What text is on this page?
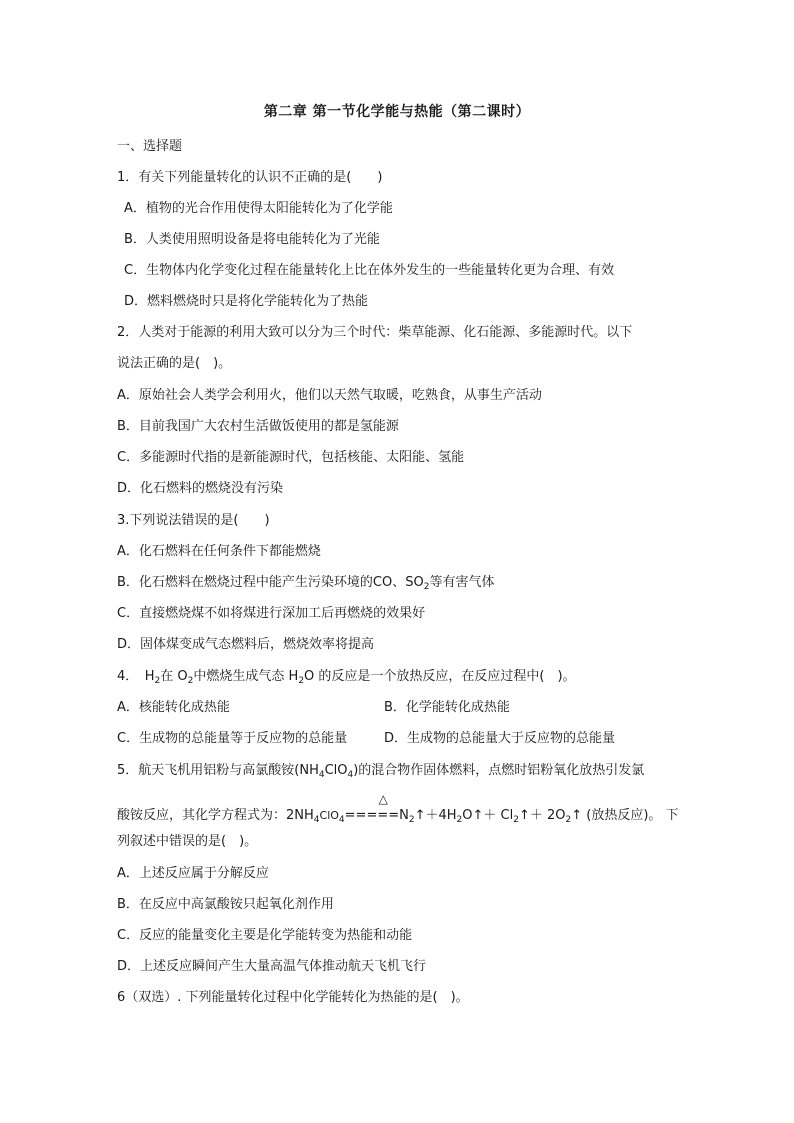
第二章 第一节化学能与热能（第二课时）
一、选择题
1．有关下列能量转化的认识不正确的是(　　)
A．植物的光合作用使得太阳能转化为了化学能
B．人类使用照明设备是将电能转化为了光能
C．生物体内化学变化过程在能量转化上比在体外发生的一些能量转化更为合理、有效
D．燃料燃烧时只是将化学能转化为了热能
2．人类对于能源的利用大致可以分为三个时代：柴草能源、化石能源、多能源时代。以下
说法正确的是(　)。
A．原始社会人类学会利用火，他们以天然气取暖，吃熟食，从事生产活动
B．目前我国广大农村生活做饭使用的都是氢能源
C．多能源时代指的是新能源时代，包括核能、太阳能、氢能
D．化石燃料的燃烧没有污染
3.下列说法错误的是(　　)
A．化石燃料在任何条件下都能燃烧
B．化石燃料在燃烧过程中能产生污染环境的CO、$SO_2$等有害气体
C．直接燃烧煤不如将煤进行深加工后再燃烧的效果好
D．固体煤变成气态燃料后，燃烧效率将提高
4．　$H_2$在 $O_2$中燃烧生成气态 $H_2O$ 的反应是一个放热反应，在反应过程中(　)。
A．核能转化成热能	B．化学能转化成热能
C．生成物的总能量等于反应物的总能量	D．生成物的总能量大于反应物的总能量
5．航天飞机用铝粉与高氯酸铵$(NH_4ClO_4)$的混合物作固体燃料，点燃时铝粉氧化放热引发氯
酸铵反应，其化学方程式为：$2NH_4ClO_4$
△
$=====N_2↑+4H_2O↑+$ $Cl_2↑+$ $2O_2↑$ (放热反应)。 下
列叙述中错误的是(　)。
A．上述反应属于分解反应
B．在反应中高氯酸铵只起氧化剂作用
C．反应的能量变化主要是化学能转变为热能和动能
D．上述反应瞬间产生大量高温气体推动航天飞机飞行
6（双选）. 下列能量转化过程中化学能转化为热能的是(　)。
